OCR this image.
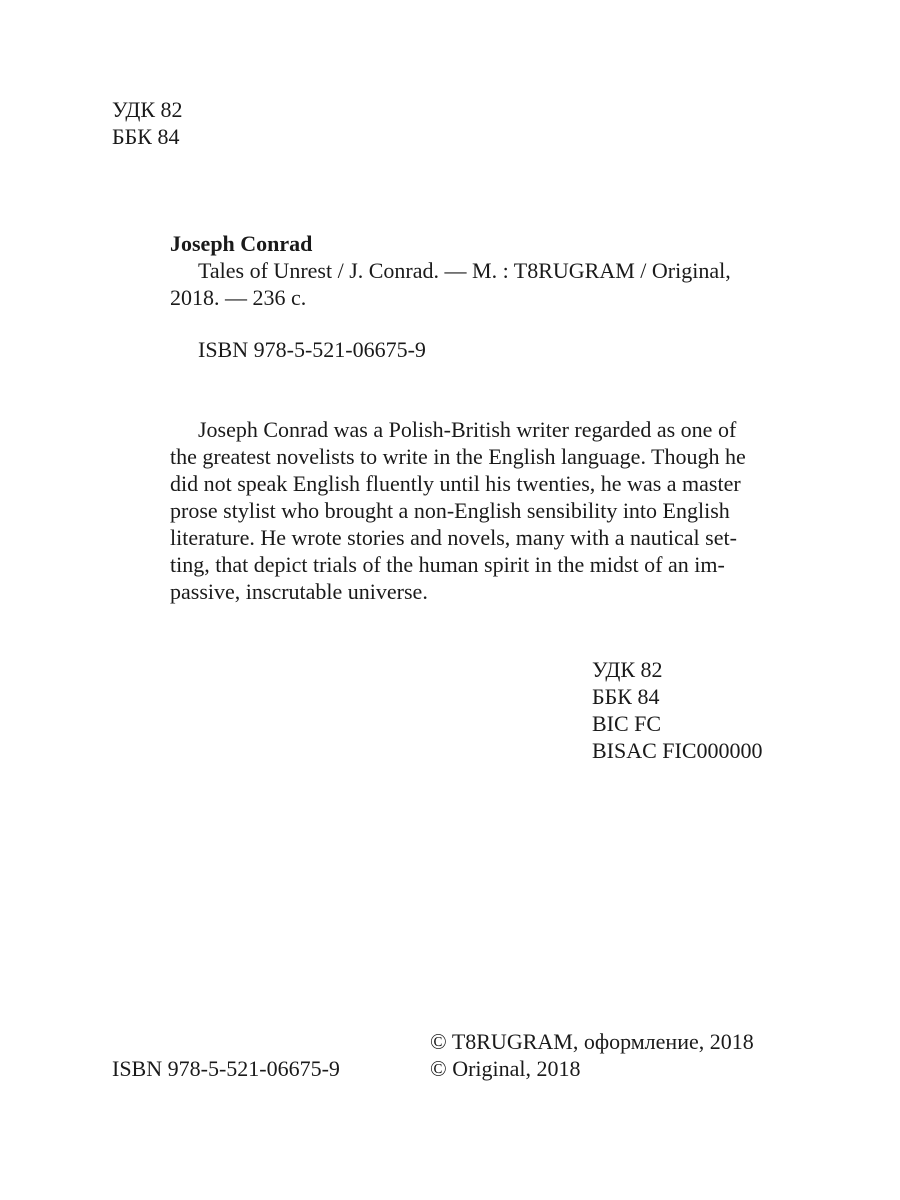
УДК 82
ББК 84
Joseph Conrad
Tales of Unrest / J. Conrad. — M. : T8RUGRAM / Original,
2018. — 236 c.
ISBN 978-5-521-06675-9
Joseph Conrad was a Polish-British writer regarded as one of
the greatest novelists to write in the English language. Though he
did not speak English fluently until his twenties, he was a master
prose stylist who brought a non-English sensibility into English
literature. He wrote stories and novels, many with a nautical set-
ting, that depict trials of the human spirit in the midst of an im-
passive, inscrutable universe.
УДК 82
ББК 84
BIC FC
BISAC FIC000000
ISBN 978-5-521-06675-9
© T8RUGRAM, оформление, 2018
© Original, 2018
